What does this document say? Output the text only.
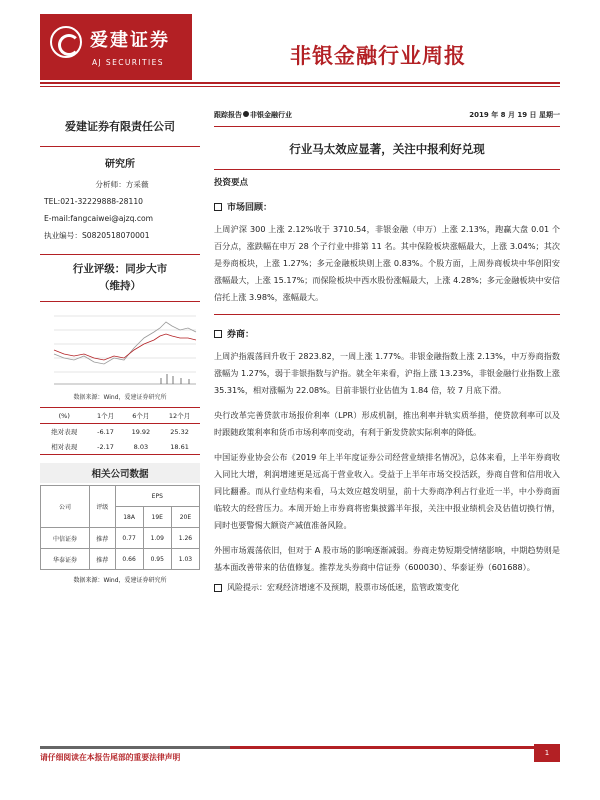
爱建证券
AJ SECURITIES	非银金融行业周报
爱建证券有限责任公司
研究所
分析师：方采薇
TEL:021-32229888-28110
E-mail:fangcaiwei@ajzq.com
执业编号：S0820518070001
行业评级：同步大市
（维持）
数据来源：Wind，爱建证券研究所
(%)	1个月	6个月	12个月
绝对表现	-6.17	19.92	25.32
相对表现	-2.17	8.03	18.61
相关公司数据
公司	评级	EPS		
		18A	19E	20E
中信证券	推荐	0.77	1.09	1.26
华泰证券	推荐	0.66	0.95	1.03
数据来源：Wind，爱建证券研究所
跟踪报告 非银金融行业	2019 年 8 月 19 日 星期一
行业马太效应显著，关注中报利好兑现
投资要点
市场回顾：
上周沪深 300 上涨 2.12%收于 3710.54，非银金融（申万）上涨 2.13%，跑赢大盘 0.01 个百分点，涨跌幅在申万 28 个子行业中排第 11 名。其中保险板块涨幅最大，上涨 3.04%；其次是券商板块，上涨 1.27%；多元金融板块则上涨 0.83%。个股方面，上周券商板块中华创阳安涨幅最大，上涨 15.17%；而保险板块中西水股份涨幅最大，上涨 4.28%；多元金融板块中安信信托上涨 3.98%，涨幅最大。
券商：
上周沪指震荡回升收于 2823.82，一周上涨 1.77%。非银金融指数上涨 2.13%，中万券商指数涨幅为 1.27%，弱于非银指数与沪指。就全年来看，沪指上涨 13.23%，非银金融行业指数上涨 35.31%，相对涨幅为 22.08%。目前非银行业估值为 1.84 倍，较 7 月底下滑。
央行改革完善贷款市场报价利率（LPR）形成机制，推出利率并轨实质举措，使贷款利率可以及时跟随政策利率和货币市场利率而变动，有利于新发贷款实际利率的降低。
中国证券业协会公布《2019 年上半年度证券公司经营业绩排名情况》，总体来看，上半年券商收入同比大增，利润增速更是远高于营业收入。受益于上半年市场交投活跃，券商自营和信用收入同比翻番。而从行业结构来看，马太效应越发明显，前十大券商净利占行业近一半，中小券商面临较大的经营压力。本周开始上市券商将密集披露半年报，关注中报业绩机会及估值切换行情，同时也要警惕大额资产减值准备风险。
外围市场震荡依旧，但对于 A 股市场的影响逐渐减弱。券商走势短期受情绪影响，中期趋势则是基本面改善带来的估值修复。推荐龙头券商中信证券（600030）、华泰证券（601688）。
风险提示：宏观经济增速不及预期，股票市场低迷，监管政策变化
请仔细阅读在本报告尾部的重要法律声明	1
